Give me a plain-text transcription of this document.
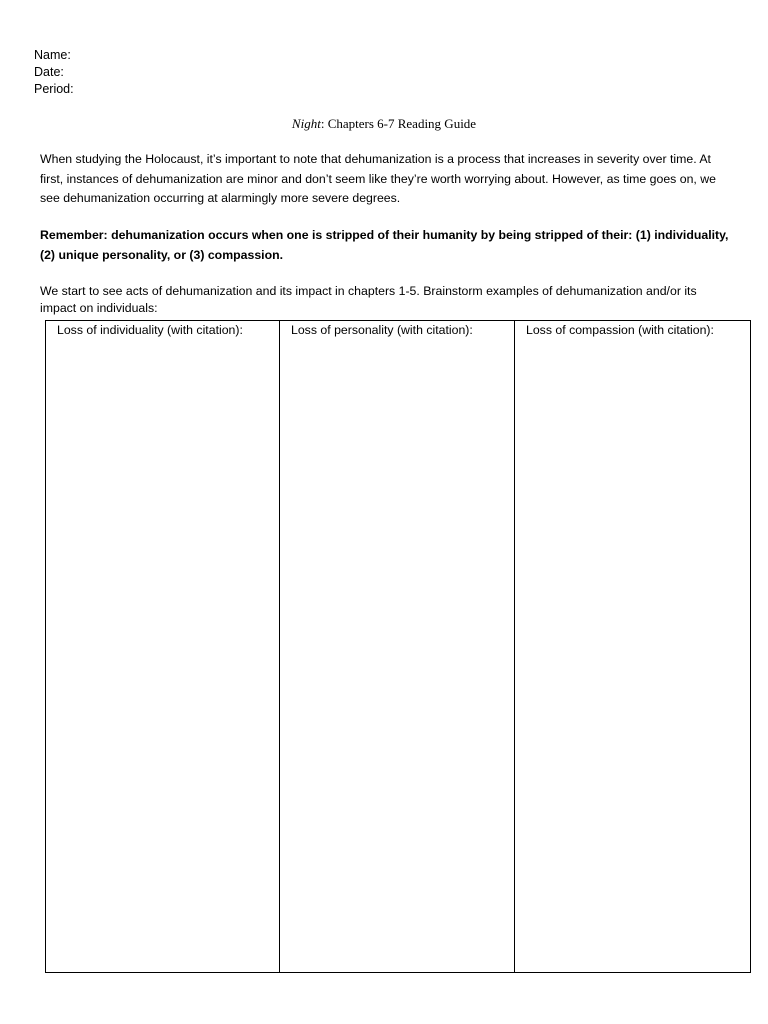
Name:
Date:
Period:
Night: Chapters 6-7 Reading Guide
When studying the Holocaust, it’s important to note that dehumanization is a process that increases in severity over time. At first, instances of dehumanization are minor and don’t seem like they’re worth worrying about. However, as time goes on, we see dehumanization occurring at alarmingly more severe degrees.
Remember: dehumanization occurs when one is stripped of their humanity by being stripped of their: (1) individuality, (2) unique personality, or (3) compassion.
We start to see acts of dehumanization and its impact in chapters 1-5. Brainstorm examples of dehumanization and/or its impact on individuals:
Loss of individuality (with citation):	Loss of personality (with citation):	Loss of compassion (with citation):
